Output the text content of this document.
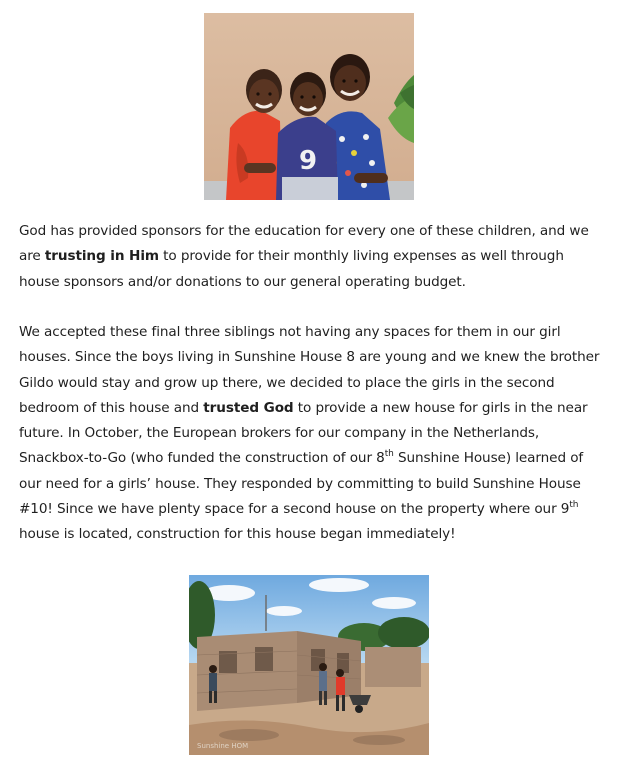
9

God has provided sponsors for the education for every one of these children, and we are trusting in Him to provide for their monthly living expenses as well through house sponsors and/or donations to our general operating budget.

We accepted these final three siblings not having any spaces for them in our girl houses. Since the boys living in Sunshine House 8 are young and we knew the brother Gildo would stay and grow up there, we decided to place the girls in the second bedroom of this house and trusted God to provide a new house for girls in the near future. In October, the European brokers for our company in the Netherlands, Snackbox-to-Go (who funded the construction of our 8th Sunshine House) learned of our need for a girls’ house. They responded by committing to build Sunshine House #10! Since we have plenty space for a second house on the property where our 9th house is located, construction for this house began immediately!

Sunshine HOM
